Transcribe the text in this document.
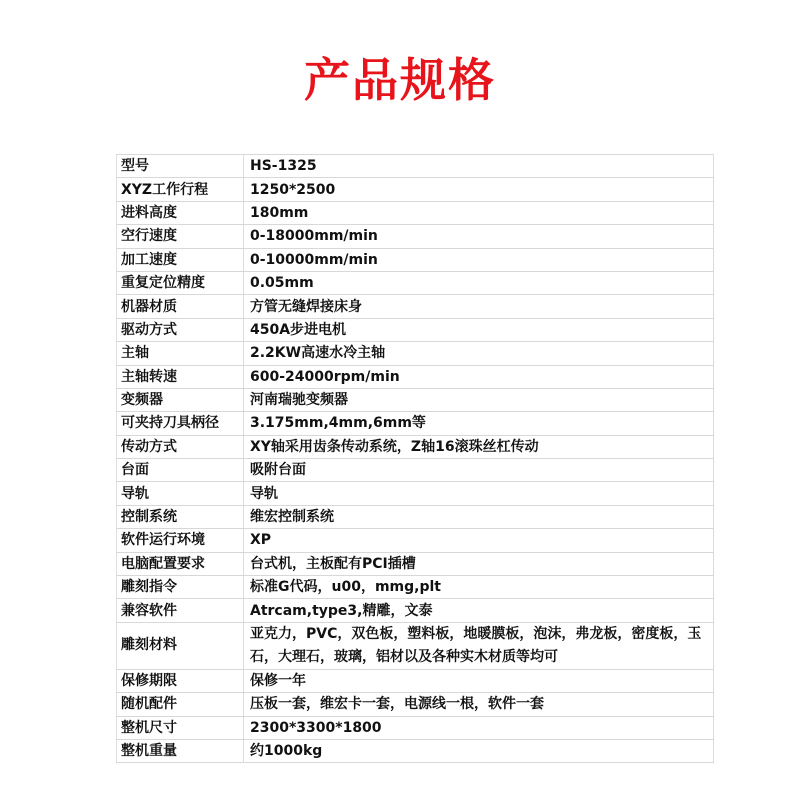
产品规格
型号	HS-1325
XYZ工作行程	1250*2500
进料高度	180mm
空行速度	0-18000mm/min
加工速度	0-10000mm/min
重复定位精度	0.05mm
机器材质	方管无缝焊接床身
驱动方式	450A步进电机
主轴	2.2KW高速水冷主轴
主轴转速	600-24000rpm/min
变频器	河南瑞驰变频器
可夹持刀具柄径	3.175mm,4mm,6mm等
传动方式	XY轴采用齿条传动系统，Z轴16滚珠丝杠传动
台面	吸附台面
导轨	导轨
控制系统	维宏控制系统
软件运行环境	XP
电脑配置要求	台式机，主板配有PCI插槽
雕刻指令	标准G代码，u00，mmg,plt
兼容软件	Atrcam,type3,精雕，文泰
雕刻材料	亚克力，PVC，双色板，塑料板，地暖膜板，泡沫，弗龙板，密度板，玉石，大理石，玻璃，铝材以及各种实木材质等均可
保修期限	保修一年
随机配件	压板一套，维宏卡一套，电源线一根，软件一套
整机尺寸	2300*3300*1800
整机重量	约1000kg
